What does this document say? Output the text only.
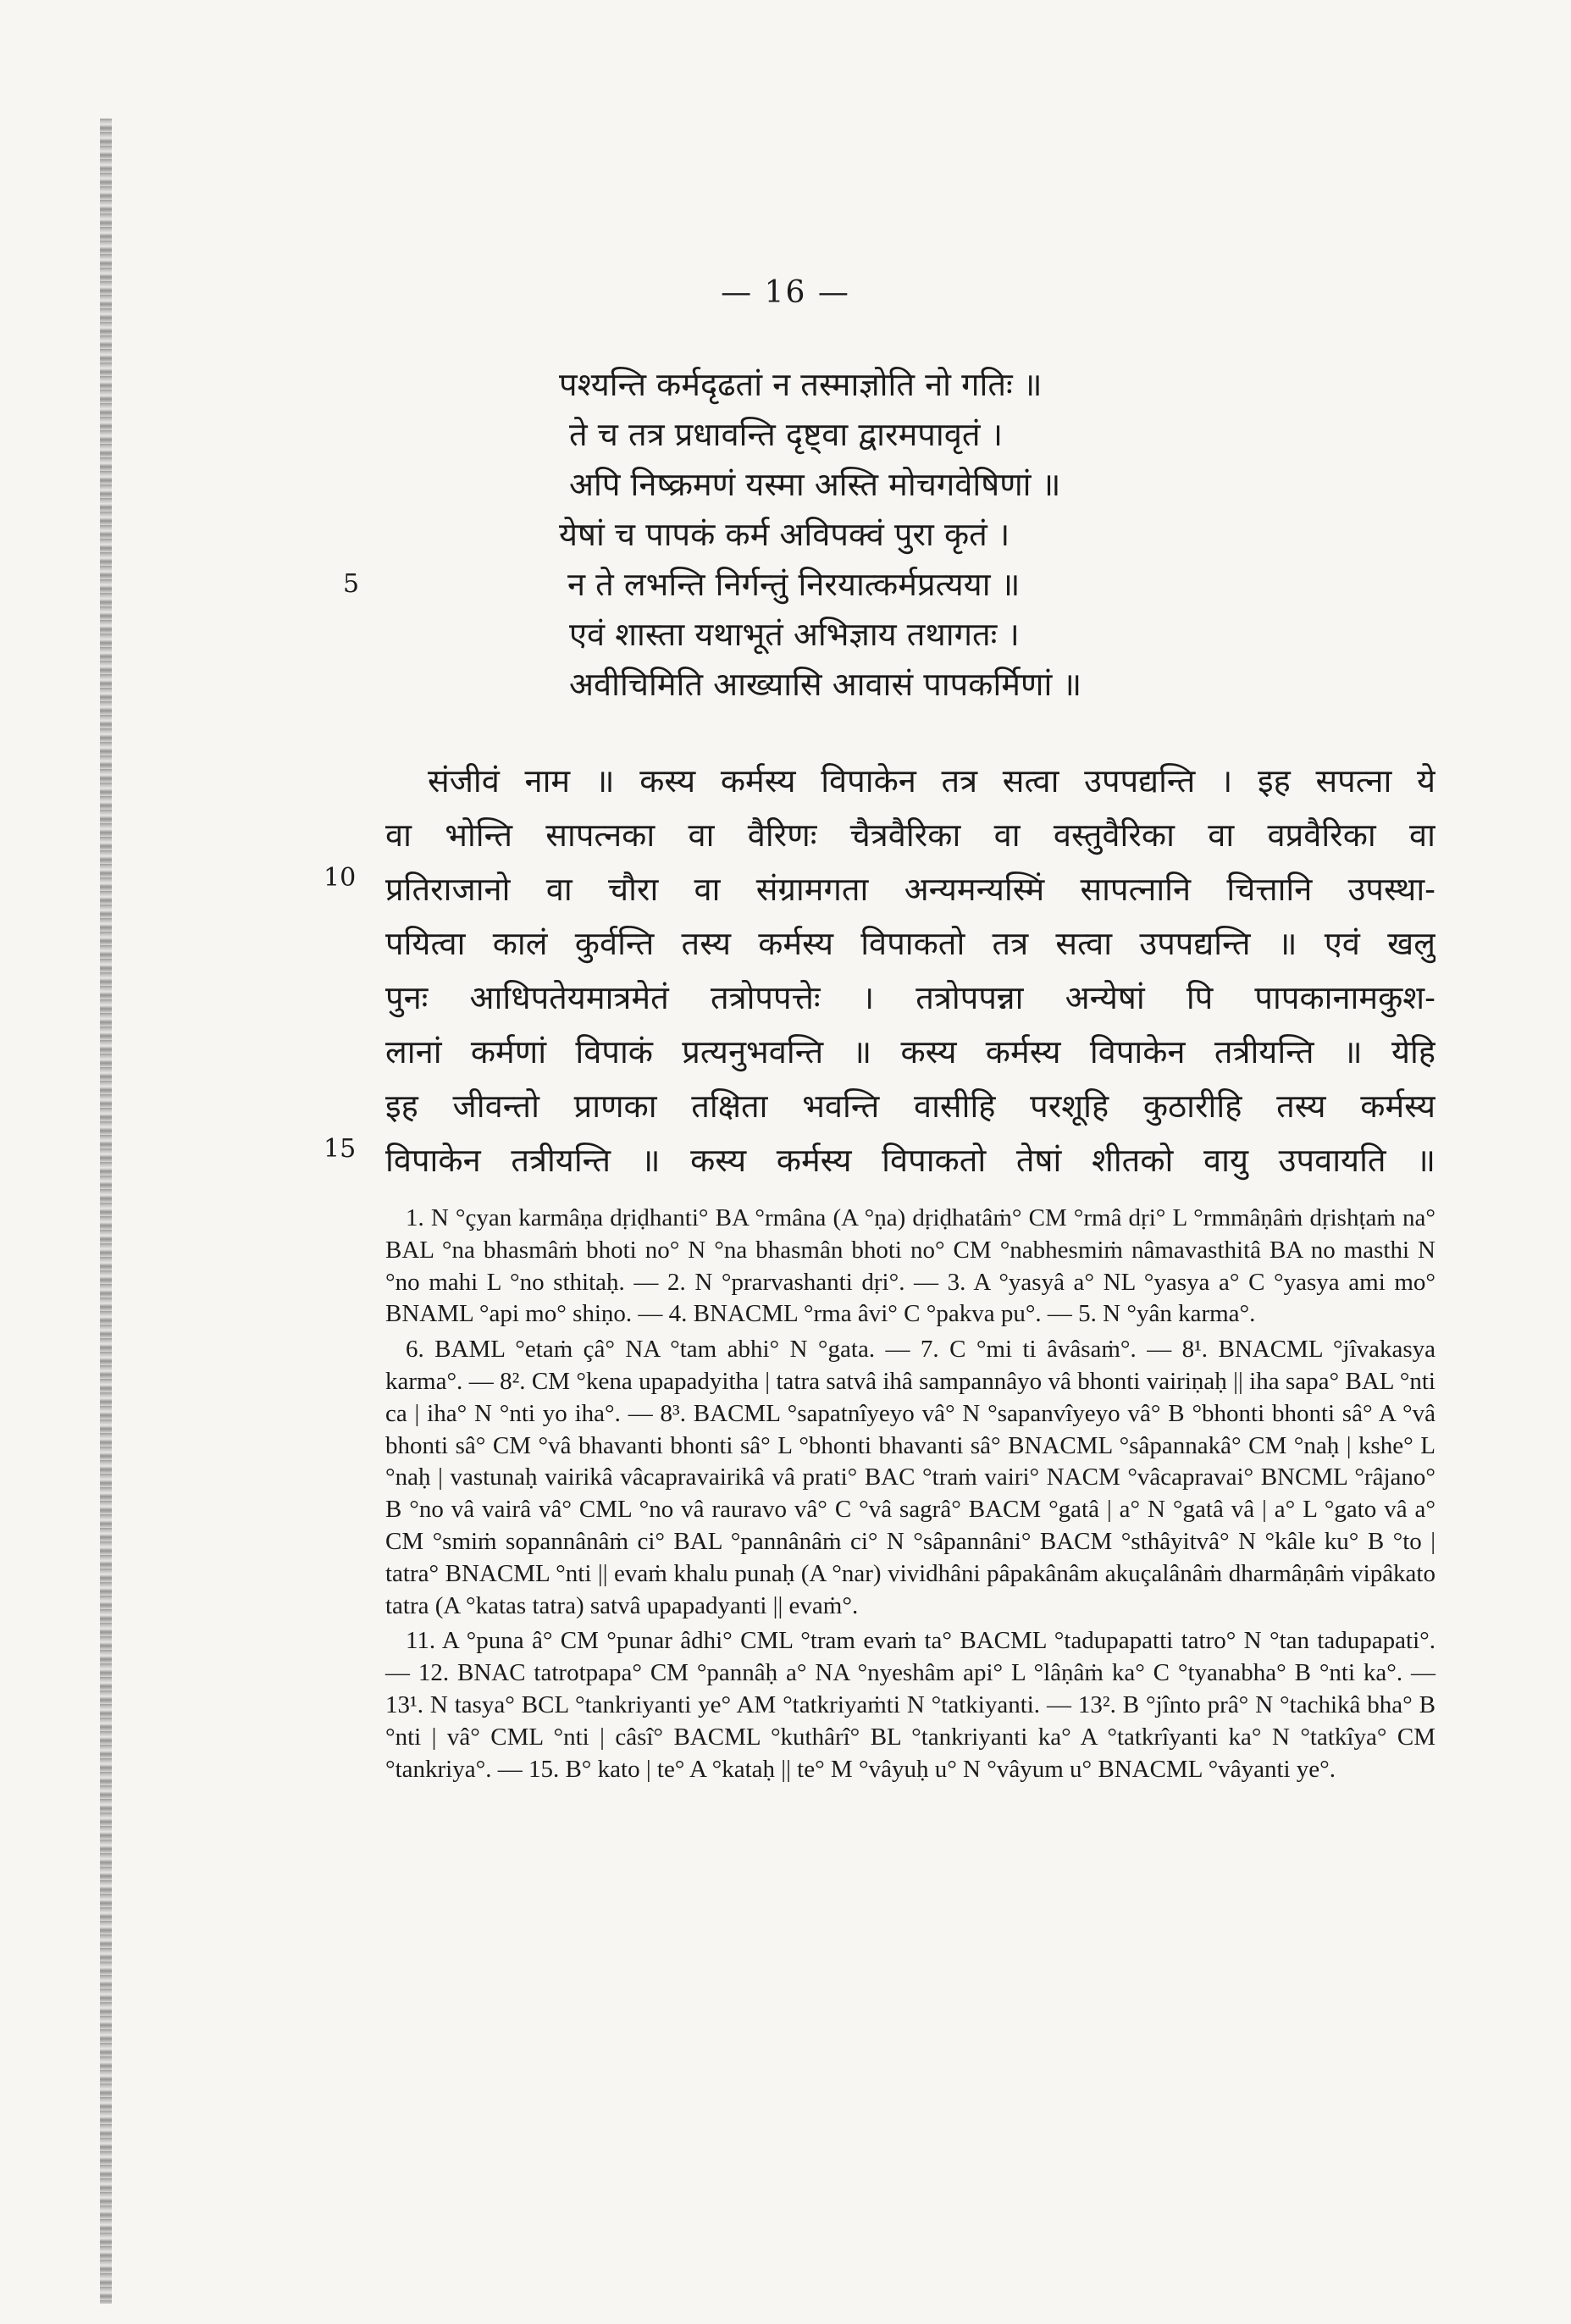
— 16 —
पश्यन्ति कर्मदृढतां न तस्माज्ञोति नो गतिः ॥
ते च तत्र प्रधावन्ति दृष्ट्वा द्वारमपावृतं ।
अपि निष्क्रमणं यस्मा अस्ति मोचगवेषिणां ॥
येषां च पापकं कर्म अविपक्वं पुरा कृतं ।
न ते लभन्ति निर्गन्तुं निरयात्कर्मप्रत्यया ॥
एवं शास्ता यथाभूतं अभिज्ञाय तथागतः ।
अवीचिमिति आख्यासि आवासं पापकर्मिणां ॥
5
संजीवं नाम ॥ कस्य कर्मस्य विपाकेन तत्र सत्वा उपपद्यन्ति । इह सपत्ना ये
वा भोन्ति सापत्नका वा वैरिणः चैत्रवैरिका वा वस्तुवैरिका वा वप्रवैरिका वा
प्रतिराजानो वा चौरा वा संग्रामगता अन्यमन्यस्मिं सापत्नानि चित्तानि उपस्था-
पयित्वा कालं कुर्वन्ति तस्य कर्मस्य विपाकतो तत्र सत्वा उपपद्यन्ति ॥ एवं खलु
पुनः आधिपतेयमात्रमेतं तत्रोपपत्तेः । तत्रोपपन्ना अन्येषां पि पापकानामकुश-
लानां कर्मणां विपाकं प्रत्यनुभवन्ति ॥ कस्य कर्मस्य विपाकेन तत्रीयन्ति ॥ येहि
इह जीवन्तो प्राणका तक्षिता भवन्ति वासीहि परशूहि कुठारीहि तस्य कर्मस्य
विपाकेन तत्रीयन्ति ॥ कस्य कर्मस्य विपाकतो तेषां शीतको वायु उपवायति ॥
10
15

1. N °çyan karmâṇa dṛiḍhanti° BA °rmâna (A °ṇa) dṛiḍhatâṁ° CM °rmâ dṛi° L °rmmâṇâṁ dṛishṭaṁ na° BAL °na bhasmâṁ bhoti no° N °na bhasmân bhoti no° CM °nabhesmiṁ nâmavasthitâ BA no masthi N °no mahi L °no sthitaḥ. — 2. N °prarvashanti dṛi°. — 3. A °yasyâ a° NL °yasya a° C °yasya ami mo° BNAML °api mo° shiṇo. — 4. BNACML °rma âvi° C °pakva pu°. — 5. N °yân karma°.

6. BAML °etaṁ çâ° NA °tam abhi° N °gata. — 7. C °mi ti âvâsaṁ°. — 8¹. BNACML °jîvakasya karma°. — 8². CM °kena upapadyitha | tatra satvâ ihâ sampannâyo vâ bhonti vairiṇaḥ || iha sapa° BAL °nti ca | iha° N °nti yo iha°. — 8³. BACML °sapatnîyeyo vâ° N °sapanvîyeyo vâ° B °bhonti bhonti sâ° A °vâ bhonti sâ° CM °vâ bhavanti bhonti sâ° L °bhonti bhavanti sâ° BNACML °sâpannakâ° CM °naḥ | kshe° L °naḥ | vastunaḥ vairikâ vâcapravairikâ vâ prati° BAC °traṁ vairi° NACM °vâcapravai° BNCML °râjano° B °no vâ vairâ vâ° CML °no vâ rauravo vâ° C °vâ sagrâ° BACM °gatâ | a° N °gatâ vâ | a° L °gato vâ a° CM °smiṁ sopannânâṁ ci° BAL °pannânâṁ ci° N °sâpannâni° BACM °sthâyitvâ° N °kâle ku° B °to | tatra° BNACML °nti || evaṁ khalu punaḥ (A °nar) vividhâni pâpakânâm akuçalânâṁ dharmâṇâṁ vipâkato tatra (A °katas tatra) satvâ upapadyanti || evaṁ°.

11. A °puna â° CM °punar âdhi° CML °tram evaṁ ta° BACML °tadupapatti tatro° N °tan tadupapati°. — 12. BNAC tatrotpapa° CM °pannâḥ a° NA °nyeshâm api° L °lâṇâṁ ka° C °tyanabha° B °nti ka°. — 13¹. N tasya° BCL °tankriyanti ye° AM °tatkriyaṁti N °tatkiyanti. — 13². B °jînto prâ° N °tachikâ bha° B °nti | vâ° CML °nti | câsî° BACML °kuthârî° BL °tankriyanti ka° A °tatkrîyanti ka° N °tatkîya° CM °tankriya°. — 15. B° kato | te° A °kataḥ || te° M °vâyuḥ u° N °vâyum u° BNACML °vâyanti ye°.
